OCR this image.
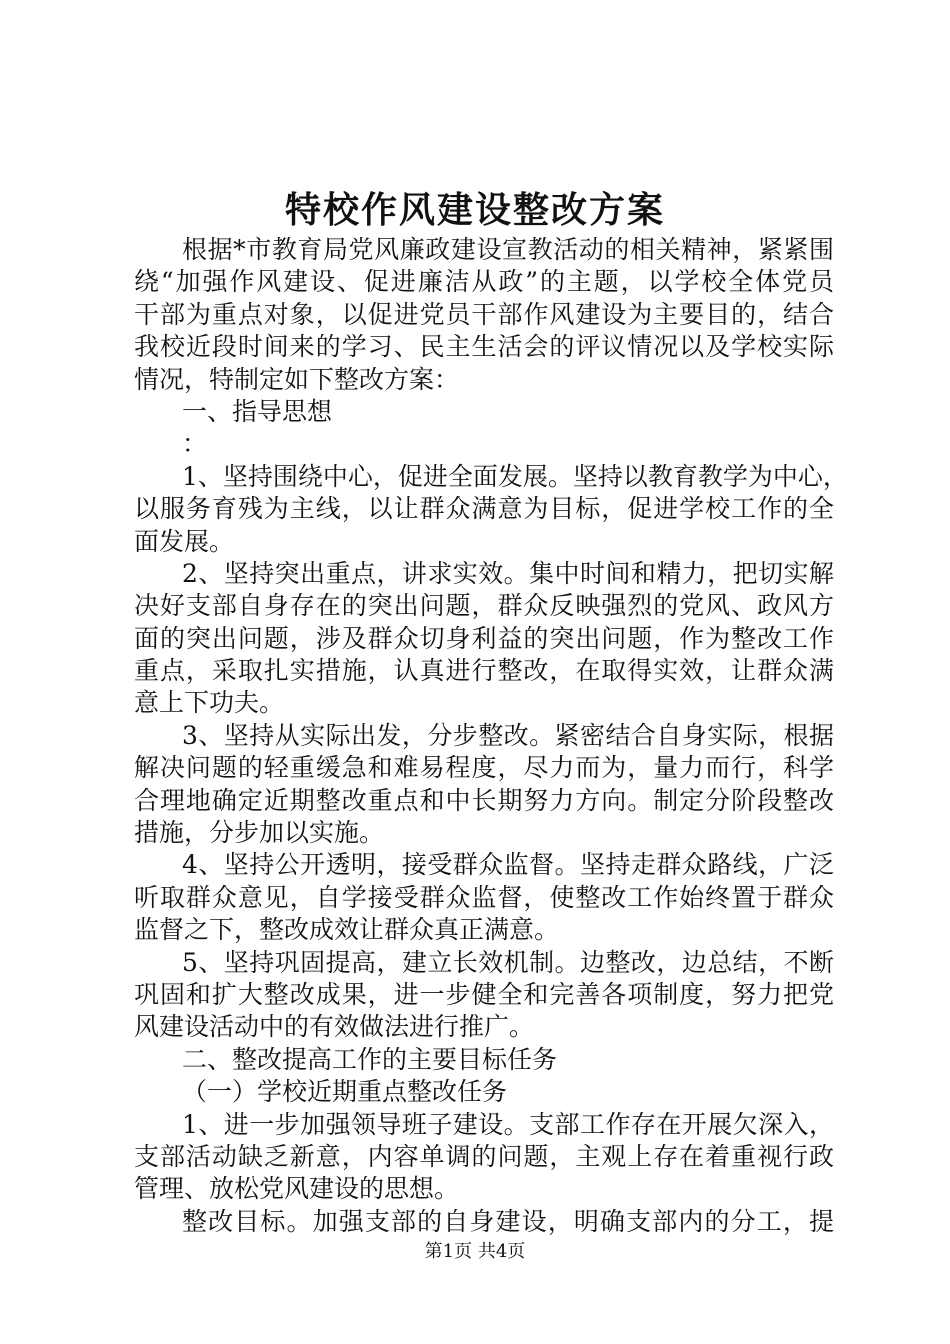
特校作风建设整改方案
根据*市教育局党风廉政建设宣教活动的相关精神，紧紧围
绕“加强作风建设、促进廉洁从政”的主题，以学校全体党员
干部为重点对象，以促进党员干部作风建设为主要目的，结合
我校近段时间来的学习、民主生活会的评议情况以及学校实际
情况，特制定如下整改方案：
一、指导思想
：
1、坚持围绕中心，促进全面发展。坚持以教育教学为中心，
以服务育残为主线，以让群众满意为目标，促进学校工作的全
面发展。
2、坚持突出重点，讲求实效。集中时间和精力，把切实解
决好支部自身存在的突出问题，群众反映强烈的党风、政风方
面的突出问题，涉及群众切身利益的突出问题，作为整改工作
重点，采取扎实措施，认真进行整改，在取得实效，让群众满
意上下功夫。
3、坚持从实际出发，分步整改。紧密结合自身实际，根据
解决问题的轻重缓急和难易程度，尽力而为，量力而行，科学
合理地确定近期整改重点和中长期努力方向。制定分阶段整改
措施，分步加以实施。
4、坚持公开透明，接受群众监督。坚持走群众路线，广泛
听取群众意见，自学接受群众监督，使整改工作始终置于群众
监督之下，整改成效让群众真正满意。
5、坚持巩固提高，建立长效机制。边整改，边总结，不断
巩固和扩大整改成果，进一步健全和完善各项制度，努力把党
风建设活动中的有效做法进行推广。
二、整改提高工作的主要目标任务
（一）学校近期重点整改任务
1、进一步加强领导班子建设。支部工作存在开展欠深入，
支部活动缺乏新意，内容单调的问题，主观上存在着重视行政
管理、放松党风建设的思想。
整改目标。加强支部的自身建设，明确支部内的分工，提
第1页 共4页
